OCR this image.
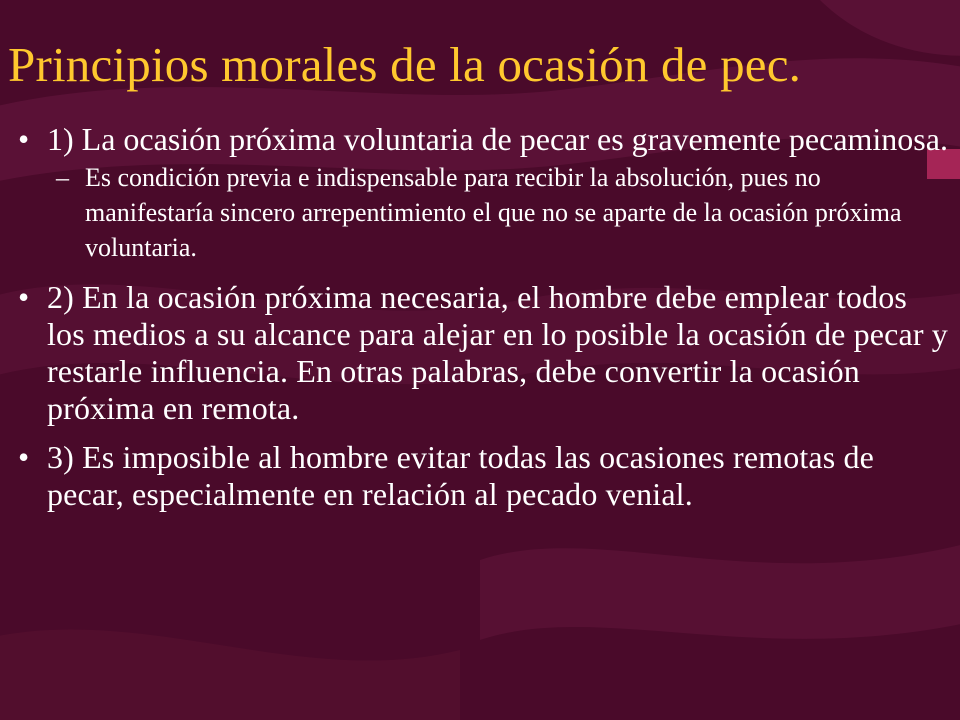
Principios morales de la ocasión de pec.
• 1) La ocasión próxima voluntaria de pecar es gravemente pecaminosa.
– Es condición previa e indispensable para recibir la absolución, pues no manifestaría sincero arrepentimiento el que no se aparte de la ocasión próxima voluntaria.
• 2) En la ocasión próxima necesaria, el hombre debe emplear todos los medios a su alcance para alejar en lo posible la ocasión de pecar y restarle influencia. En otras palabras, debe convertir la ocasión próxima en remota.
• 3) Es imposible al hombre evitar todas las ocasiones remotas de pecar, especialmente en relación al pecado venial.
